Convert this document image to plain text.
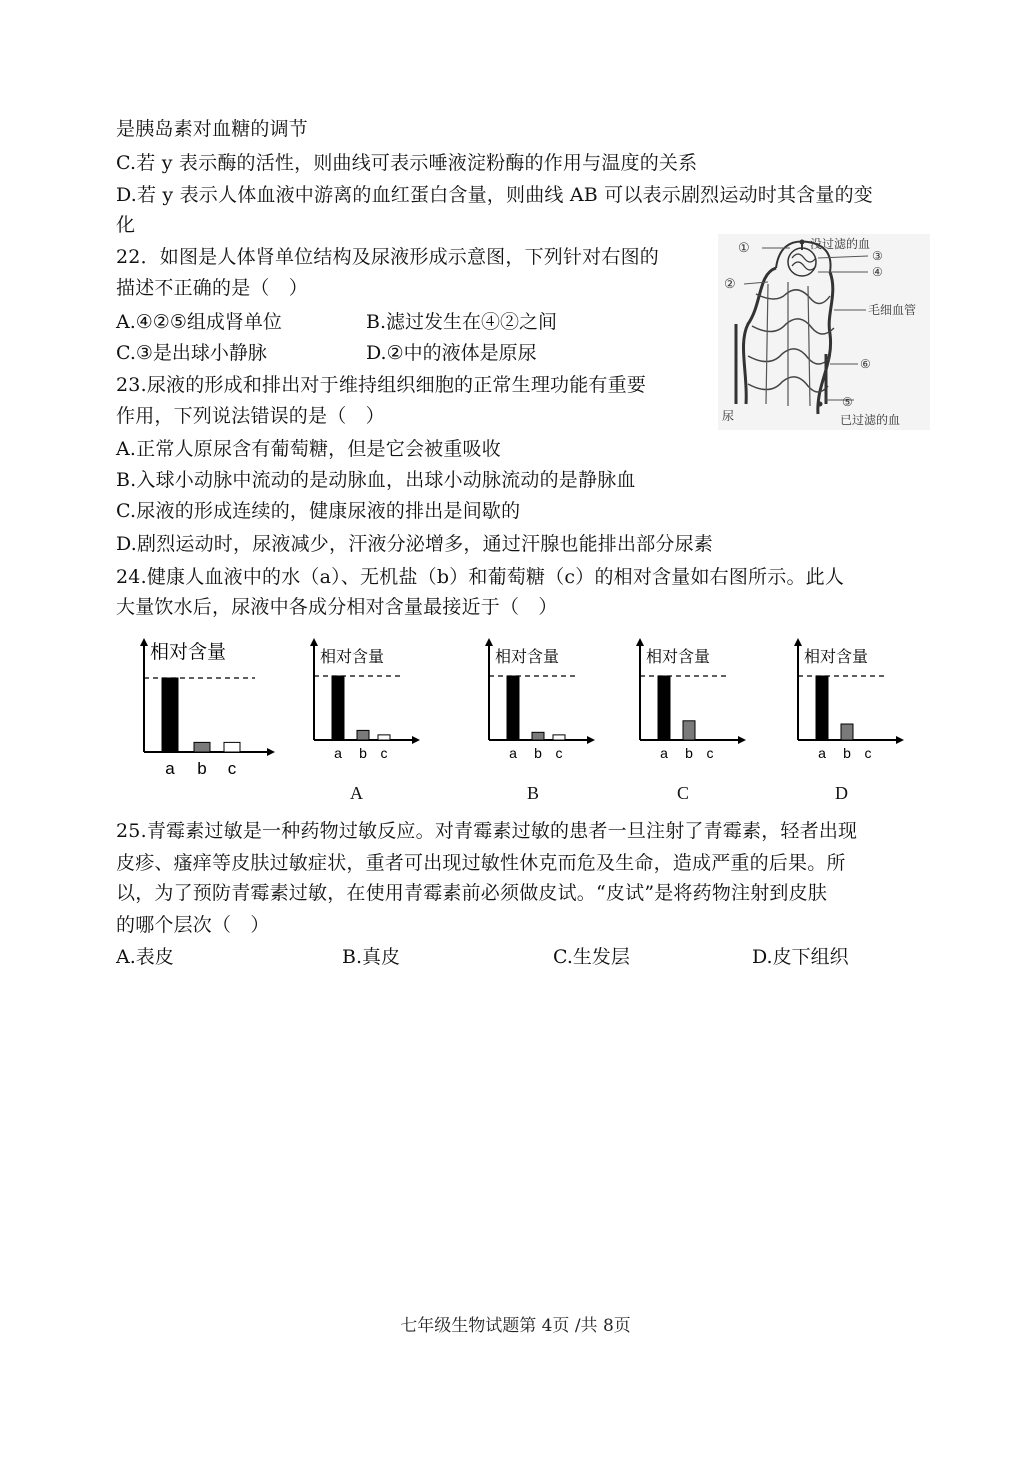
是胰岛素对血糖的调节
C.若 y 表示酶的活性，则曲线可表示唾液淀粉酶的作用与温度的关系
D.若 y 表示人体血液中游离的血红蛋白含量，则曲线 AB 可以表示剧烈运动时其含量的变
化
22．如图是人体肾单位结构及尿液形成示意图，下列针对右图的
描述不正确的是（　）
A.④②⑤组成肾单位	B.滤过发生在④②之间
C.③是出球小静脉	D.②中的液体是原尿
①
②
③
④
⑥
⑤
没过滤的血
毛细血管
尿	已过滤的血
23.尿液的形成和排出对于维持组织细胞的正常生理功能有重要
作用，下列说法错误的是（　）
A.正常人原尿含有葡萄糖，但是它会被重吸收
B.入球小动脉中流动的是动脉血，出球小动脉流动的是静脉血
C.尿液的形成连续的，健康尿液的排出是间歇的
D.剧烈运动时，尿液减少，汗液分泌增多，通过汗腺也能排出部分尿素
24.健康人血液中的水（a）、无机盐（b）和葡萄糖（c）的相对含量如右图所示。此人
大量饮水后，尿液中各成分相对含量最接近于（　）
相对含量
a b c
相对含量
a b c
相对含量
a b c
相对含量
a b c
相对含量
a b c
A	B	C	D
25.青霉素过敏是一种药物过敏反应。对青霉素过敏的患者一旦注射了青霉素，轻者出现
皮疹、瘙痒等皮肤过敏症状，重者可出现过敏性休克而危及生命，造成严重的后果。所
以，为了预防青霉素过敏，在使用青霉素前必须做皮试。“皮试”是将药物注射到皮肤
的哪个层次（　）
A.表皮	B.真皮	C.生发层	D.皮下组织
七年级生物试题第 4页 /共 8页
